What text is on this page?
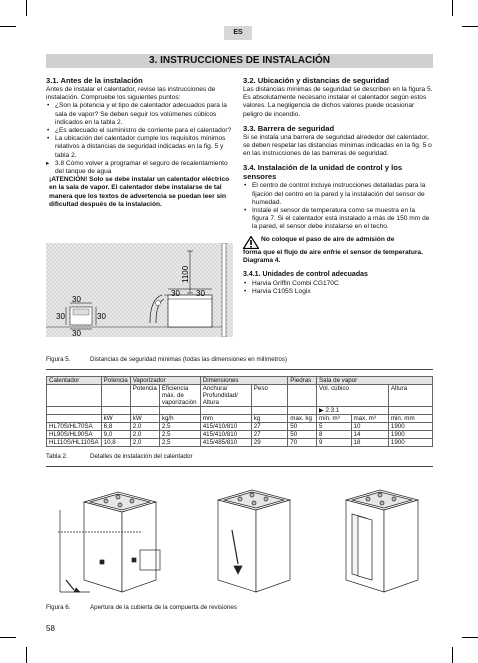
ES
3. INSTRUCCIONES DE INSTALACIÓN
3.1. Antes de la instalación

Antes de instalar el calentador, revise las instrucciones de instalación. Compruebe los siguientes puntos:

• ¿Son la potencia y el tipo de calentador adecuados para la sala de vapor? Se deben seguir los volúmenes cúbicos indicados en la tabla 2.
• ¿Es adecuado el suministro de corriente para el calentador?
• La ubicación del calentador cumple los requisitos mínimos relativos a distancias de seguridad indicadas en la fig. 5 y tabla 2.
▸ 3.8 Cómo volver a programar el seguro de recalentamiento del tanque de agua

¡ATENCIÓN! Solo se debe instalar un calentador eléctrico en la sala de vapor. El calentador debe instalarse de tal manera que los textos de advertencia se puedan leer sin dificultad después de la instalación.

3.2. Ubicación y distancias de seguridad

Las distancias mínimas de seguridad se describen en la figura 5. Es absolutamente necesario instalar el calentador según estos valores. La negligencia de dichos valores puede ocasionar peligro de incendio.

3.3. Barrera de seguridad

Si se instala una barrera de seguridad alrededor del calentador, se deben respetar las distancias mínimas indicadas en la fig. 5 o en las instrucciones de las barreras de seguridad.

3.4. Instalación de la unidad de control y los sensores
• El centro de control incluye instrucciones detalladas para la fijación del centro en la pared y la instalación del sensor de humedad.
• Instale el sensor de temperatura como se muestra en la figura 7. Si el calentador está instalado a más de 150 mm de la pared, el sensor debe instalarse en el techo.
No coloque el paso de aire de admisión de

forma que el flujo de aire enfríe el sensor de temperatura. Diagrama 4.

3.4.1. Unidades de control adecuadas
• Harvia Griffin Combi CG170C
• Harvia C105S Logix
1100
30 30
30
30	30
30
Figura 5.	Distancias de seguridad mínimas (todas las dimensiones en milímetros)
Calentador	Potencia	Vaporizador		Dimensiones		Piedras	Sala de vapor		
		Potencia	Eficiencia máx. de vaporización	Anchura/ Profundidad/ Altura	Peso		Vol. cúbico		Altura
							▶ 2.3.1		
	kW	kW	kg/h	mm	kg	max. kg	min. m³	max. m³	min. mm
HL70S/HL70SA	6,8	2,0	2,5	415/410/810	27	50	5	10	1900
HL90S/HL90SA	9,0	2,0	2,5	415/410/810	27	50	8	14	1900
HL110S/HL110SA	10,8	2,0	2,5	415/485/810	29	70	9	18	1900
Tabla 2.	Detalles de instalación del calentador
Figura 6.	Apertura de la cubierta de la compuerta de revisiones
58
